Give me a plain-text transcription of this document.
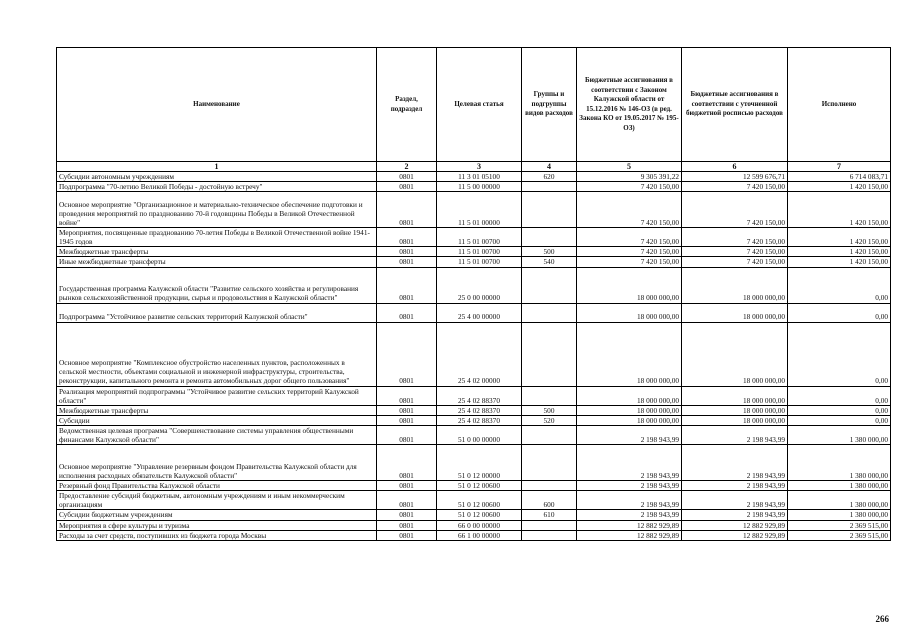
Наименование	Раздел, подраздел	Целевая статья	Группы и подгруппы видов расходов	Бюджетные ассигнования в соответствии с Законом Калужской области от 15.12.2016 № 146-ОЗ (в ред. Закона КО от 19.05.2017 № 195-ОЗ)	Бюджетные ассигнования в соответствии с уточненной бюджетной росписью расходов	Исполнено
1	2	3	4	5	6	7
Субсидии автономным учреждениям	0801	11 3 01 05100	620	9 305 391,22	12 599 676,71	6 714 083,71
Подпрограмма "70-летию Великой Победы - достойную встречу"	0801	11 5 00 00000		7 420 150,00	7 420 150,00	1 420 150,00
Основное мероприятие "Организационное и материально-техническое обеспечение подготовки и проведения мероприятий по празднованию 70-й годовщины Победы в Великой Отечественной войне"	0801	11 5 01 00000		7 420 150,00	7 420 150,00	1 420 150,00
Мероприятия, посвященные празднованию 70-летия Победы в Великой Отечественной войне 1941-1945 годов	0801	11 5 01 00700		7 420 150,00	7 420 150,00	1 420 150,00
Межбюджетные трансферты	0801	11 5 01 00700	500	7 420 150,00	7 420 150,00	1 420 150,00
Иные межбюджетные трансферты	0801	11 5 01 00700	540	7 420 150,00	7 420 150,00	1 420 150,00
Государственная программа Калужской области "Развитие сельского хозяйства и регулирования рынков сельскохозяйственной продукции, сырья и продовольствия в Калужской области"	0801	25 0 00 00000		18 000 000,00	18 000 000,00	0,00
Подпрограмма "Устойчивое развитие сельских территорий Калужской области"	0801	25 4 00 00000		18 000 000,00	18 000 000,00	0,00
Основное мероприятие "Комплексное обустройство населенных пунктов, расположенных в сельской местности, объектами социальной и инженерной инфраструктуры, строительства, реконструкции, капитального ремонта и ремонта автомобильных дорог общего пользования"	0801	25 4 02 00000		18 000 000,00	18 000 000,00	0,00
Реализация мероприятий подпрограммы "Устойчивое развитие сельских территорий Калужской области"	0801	25 4 02 88370		18 000 000,00	18 000 000,00	0,00
Межбюджетные трансферты	0801	25 4 02 88370	500	18 000 000,00	18 000 000,00	0,00
Субсидии	0801	25 4 02 88370	520	18 000 000,00	18 000 000,00	0,00
Ведомственная целевая программа "Совершенствование системы управления общественными финансами Калужской области"	0801	51 0 00 00000		2 198 943,99	2 198 943,99	1 380 000,00
Основное мероприятие "Управление резервным фондом Правительства Калужской области для исполнения расходных обязательств Калужской области"	0801	51 0 12 00000		2 198 943,99	2 198 943,99	1 380 000,00
Резервный фонд Правительства Калужской области	0801	51 0 12 00600		2 198 943,99	2 198 943,99	1 380 000,00
Предоставление субсидий бюджетным, автономным учреждениям и иным некоммерческим организациям	0801	51 0 12 00600	600	2 198 943,99	2 198 943,99	1 380 000,00
Субсидии бюджетным учреждениям	0801	51 0 12 00600	610	2 198 943,99	2 198 943,99	1 380 000,00
Мероприятия в сфере культуры и туризма	0801	66 0 00 00000		12 882 929,89	12 882 929,89	2 369 515,00
Расходы за счет средств, поступивших из бюджета города Москвы	0801	66 1 00 00000		12 882 929,89	12 882 929,89	2 369 515,00
266
